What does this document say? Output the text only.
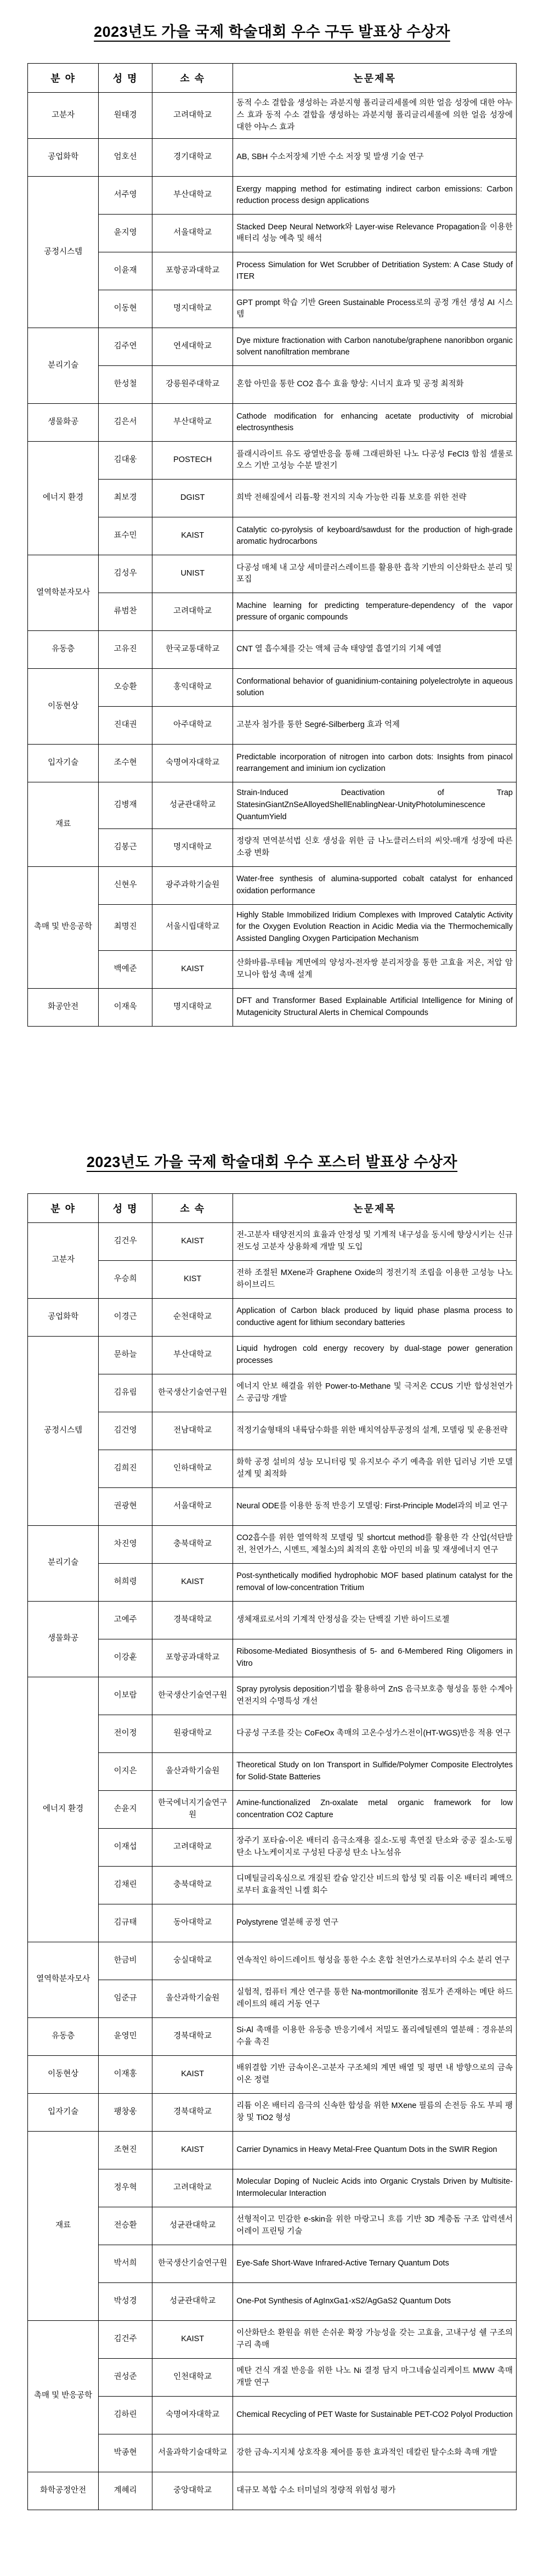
2023년도 가을 국제 학술대회 우수 구두 발표상 수상자
분 야	성 명	소 속	논문제목
고분자	원태경	고려대학교	동적 수소 결합을 생성하는 과분지형 폴리글리세롤에 의한 얼음 성장에 대한 야누스 효과 동적 수소 결합을 생성하는 과분지형 폴리글리세롤에 의한 얼음 성장에 대한 야누스 효과
공업화학	엄호선	경기대학교	AB, SBH 수소저장체 기반 수소 저장 및 발생 기술 연구
공정시스템	서주영	부산대학교	Exergy mapping method for estimating indirect carbon emissions: Carbon reduction process design applications
	윤지영	서울대학교	Stacked Deep Neural Network와 Layer-wise Relevance Propagation을 이용한 배터리 성능 예측 및 해석
	이윤재	포항공과대학교	Process Simulation for Wet Scrubber of Detritiation System: A Case Study of ITER
	이동현	명지대학교	GPT prompt 학습 기반 Green Sustainable Process로의 공정 개선 생성 AI 시스템
분리기술	김주연	연세대학교	Dye mixture fractionation with Carbon nanotube/graphene nanoribbon organic solvent nanofiltration membrane
	한성철	강릉원주대학교	혼합 아민을 통한 CO2 흡수 효율 향상: 시너지 효과 및 공정 최적화
생물화공	김은서	부산대학교	Cathode modification for enhancing acetate productivity of microbial electrosynthesis
에너지 환경	김대웅	POSTECH	플래시라이트 유도 광열반응을 통해 그래핀화된 나노 다공성 FeCl3 함침 셀룰로오스 기반 고성능 수분 발전기
	최보경	DGIST	희박 전해질에서 리튬-황 전지의 지속 가능한 리튬 보호를 위한 전략
	표수민	KAIST	Catalytic co-pyrolysis of keyboard/sawdust for the production of high-grade aromatic hydrocarbons
열역학분자모사	김성우	UNIST	다공성 매체 내 고상 세미클러스레이트를 활용한 흡착 기반의 이산화탄소 분리 및 포집
	류범찬	고려대학교	Machine learning for predicting temperature-dependency of the vapor pressure of organic compounds
유동층	고유진	한국교통대학교	CNT 열 흡수체를 갖는 액체 금속 태양열 흡열기의 기체 예열
이동현상	오승환	홍익대학교	Conformational behavior of guanidinium-containing polyelectrolyte in aqueous solution
	진대권	아주대학교	고분자 첨가를 통한 Segré-Silberberg 효과 억제
입자기술	조수현	숙명여자대학교	Predictable incorporation of nitrogen into carbon dots: Insights from pinacol rearrangement and iminium ion cyclization
재료	김병재	성균관대학교	Strain-Induced Deactivation of Trap StatesinGiantZnSeAlloyedShellEnablingNear-UnityPhotoluminescence QuantumYield
	김봉근	명지대학교	정량적 면역분석법 신호 생성을 위한 금 나노클러스터의 씨앗-매개 성장에 따른 소광 변화
촉매 및 반응공학	신현우	광주과학기술원	Water-free synthesis of alumina-supported cobalt catalyst for enhanced oxidation performance
	최명진	서울시립대학교	Highly Stable Immobilized Iridium Complexes with Improved Catalytic Activity for the Oxygen Evolution Reaction in Acidic Media via the Thermochemically Assisted Dangling Oxygen Participation Mechanism
	백예준	KAIST	산화바륨-루테늄 계면에의 양성자-전자쌍 분리저장을 통한 고효율 저온, 저압 암모니아 합성 촉매 설계
화공안전	이재욱	명지대학교	DFT and Transformer Based Explainable Artificial Intelligence for Mining of Mutagenicity Structural Alerts in Chemical Compounds
2023년도 가을 국제 학술대회 우수 포스터 발표상 수상자
분 야	성 명	소 속	논문제목
고분자	김건우	KAIST	전-고분자 태양전지의 효율과 안정성 및 기계적 내구성을 동시에 향상시키는 신규 전도성 고분자 상용화제 개발 및 도입
	우승희	KIST	전하 조절된 MXene과 Graphene Oxide의 정전기적 조립을 이용한 고성능 나노 하이브리드
공업화학	이경근	순천대학교	Application of Carbon black produced by liquid phase plasma process to conductive agent for lithium secondary batteries
공정시스템	문하늘	부산대학교	Liquid hydrogen cold energy recovery by dual-stage power generation processes
	김유림	한국생산기술연구원	에너지 안보 해결을 위한 Power-to-Methane 및 극저온 CCUS 기반 합성천연가스 공급망 개발
	김건영	전남대학교	적정기술형태의 내륙담수화를 위한 배치역삼투공정의 설계, 모델링 및 운용전략
	김희진	인하대학교	화학 공정 설비의 성능 모니터링 및 유지보수 주기 예측을 위한 딥러닝 기반 모델 설계 및 최적화
	권광현	서울대학교	Neural ODE를 이용한 동적 반응기 모델링: First-Principle Model과의 비교 연구
분리기술	차진영	충북대학교	CO2흡수를 위한 열역학적 모델링 및 shortcut method를 활용한 각 산업(석탄발전, 천연가스, 시멘트, 제철소)의 최적의 혼합 아민의 비율 및 재생에너지 연구
	허희령	KAIST	Post-synthetically modified hydrophobic MOF based platinum catalyst for the removal of low-concentration Tritium
생물화공	고예주	경북대학교	생체재료로서의 기계적 안정성을 갖는 단백질 기반 하이드로젤
	이강훈	포항공과대학교	Ribosome-Mediated Biosynthesis of 5- and 6-Membered Ring Oligomers in Vitro
에너지 환경	이보람	한국생산기술연구원	Spray pyrolysis deposition기법을 활용하여 ZnS 음극보호층 형성을 통한 수계아연전지의 수명특성 개선
	전이정	원광대학교	다공성 구조를 갖는 CoFeOx 촉매의 고온수성가스전이(HT-WGS)반응 적용 연구
	이지은	울산과학기술원	Theoretical Study on Ion Transport in Sulfide/Polymer Composite Electrolytes for Solid-State Batteries
	손윤지	한국에너지기술연구원	Amine-functionalized Zn-oxalate metal organic framework for low concentration CO2 Capture
	이재섭	고려대학교	장주기 포타슘-이온 배터리 음극소재용 질소-도핑 흑연질 탄소와 중공 질소-도핑 탄소 나노케이지로 구성된 다공성 탄소 나노섬유
	김채린	충북대학교	디메틸글리옥심으로 개질된 칼슘 알긴산 비드의 합성 및 리튬 이온 배터리 폐액으로부터 효율적인 니켈 회수
	김규태	동아대학교	Polystyrene 열분해 공정 연구
열역학분자모사	한금비	숭실대학교	연속적인 하이드레이트 형성을 통한 수소 혼합 천연가스로부터의 수소 분리 연구
	임준규	울산과학기술원	실험적, 컴퓨터 계산 연구를 통한 Na-montmorillonite 점토가 존재하는 메탄 하드레이트의 해리 거동 연구
유동층	윤영민	경북대학교	Si-Al 촉매를 이용한 유동층 반응기에서 저밀도 폴리에틸렌의 열분해 : 경유분의 수율 촉진
이동현상	이재홍	KAIST	배위결합 기반 금속이온-고분자 구조체의 계면 배열 및 평면 내 방향으로의 금속이온 정렬
입자기술	팽창웅	경북대학교	리튬 이온 배터리 음극의 신속한 합성을 위한 MXene 필름의 손전등 유도 부피 팽창 및 TiO2 형성
재료	조현진	KAIST	Carrier Dynamics in Heavy Metal-Free Quantum Dots in the SWIR Region
	정우혁	고려대학교	Molecular Doping of Nucleic Acids into Organic Crystals Driven by Multisite-Intermolecular Interaction
	전승환	성균관대학교	선형적이고 민감한 e-skin을 위한 마랑고니 흐름 기반 3D 계층돔 구조 압력센서 어레이 프린팅 기술
	박서희	한국생산기술연구원	Eye-Safe Short-Wave Infrared-Active Ternary Quantum Dots
	박성경	성균관대학교	One-Pot Synthesis of AgInxGa1-xS2/AgGaS2 Quantum Dots
촉매 및 반응공학	김건주	KAIST	이산화탄소 환원을 위한 손쉬운 확장 가능성을 갖는 고효율, 고내구성 쉘 구조의 구리 촉매
	권성준	인천대학교	메탄 건식 개질 반응을 위한 나노 Ni 결정 담지 마그네슘실리케이트 MWW 촉매 개발 연구
	김하린	숙명여자대학교	Chemical Recycling of PET Waste for Sustainable PET-CO2 Polyol Production
	박종현	서울과학기술대학교	강한 금속-지지체 상호작용 제어를 통한 효과적인 데칼린 탈수소화 촉매 개발
화학공정안전	계혜리	중앙대학교	대규모 복합 수소 터미널의 정량적 위험성 평가
